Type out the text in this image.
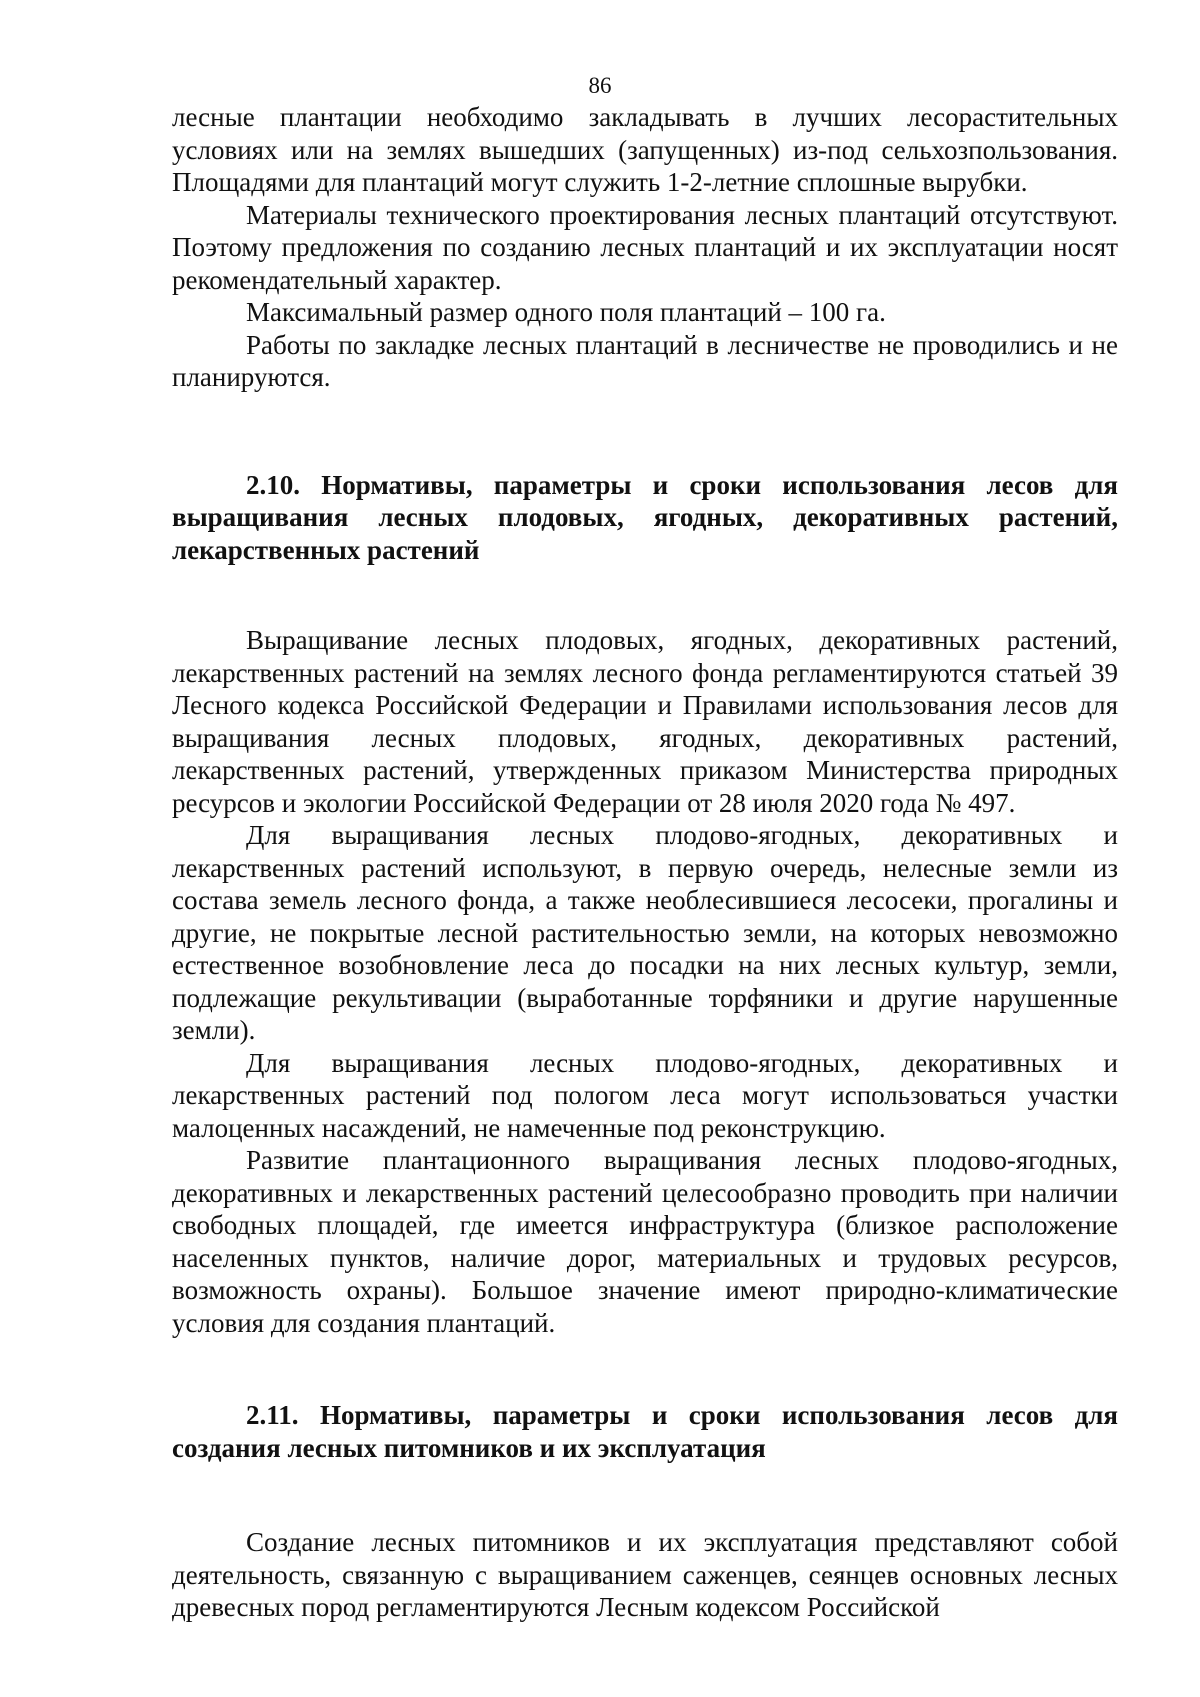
86

лесные плантации необходимо закладывать в лучших лесорастительных условиях или на землях вышедших (запущенных) из-под сельхозпользования. Площадями для плантаций могут служить 1-2-летние сплошные вырубки.

Материалы технического проектирования лесных плантаций отсутствуют. Поэтому предложения по созданию лесных плантаций и их эксплуатации носят рекомендательный характер.

Максимальный размер одного поля плантаций – 100 га.

Работы по закладке лесных плантаций в лесничестве не проводились и не планируются.

2.10. Нормативы, параметры и сроки использования лесов для выращивания лесных плодовых, ягодных, декоративных растений, лекарственных растений

Выращивание лесных плодовых, ягодных, декоративных растений, лекарственных растений на землях лесного фонда регламентируются статьей 39 Лесного кодекса Российской Федерации и Правилами использования лесов для выращивания лесных плодовых, ягодных, декоративных растений, лекарственных растений, утвержденных приказом Министерства природных ресурсов и экологии Российской Федерации от 28 июля 2020 года № 497.

Для выращивания лесных плодово-ягодных, декоративных и лекарственных растений используют, в первую очередь, нелесные земли из состава земель лесного фонда, а также необлесившиеся лесосеки, прогалины и другие, не покрытые лесной растительностью земли, на которых невозможно естественное возобновление леса до посадки на них лесных культур, земли, подлежащие рекультивации (выработанные торфяники и другие нарушенные земли).

Для выращивания лесных плодово-ягодных, декоративных и лекарственных растений под пологом леса могут использоваться участки малоценных насаждений, не намеченные под реконструкцию.

Развитие плантационного выращивания лесных плодово-ягодных, декоративных и лекарственных растений целесообразно проводить при наличии свободных площадей, где имеется инфраструктура (близкое расположение населенных пунктов, наличие дорог, материальных и трудовых ресурсов, возможность охраны). Большое значение имеют природно-климатические условия для создания плантаций.

2.11. Нормативы, параметры и сроки использования лесов для создания лесных питомников и их эксплуатация

Создание лесных питомников и их эксплуатация представляют собой деятельность, связанную с выращиванием саженцев, сеянцев основных лесных древесных пород регламентируются Лесным кодексом Российской
